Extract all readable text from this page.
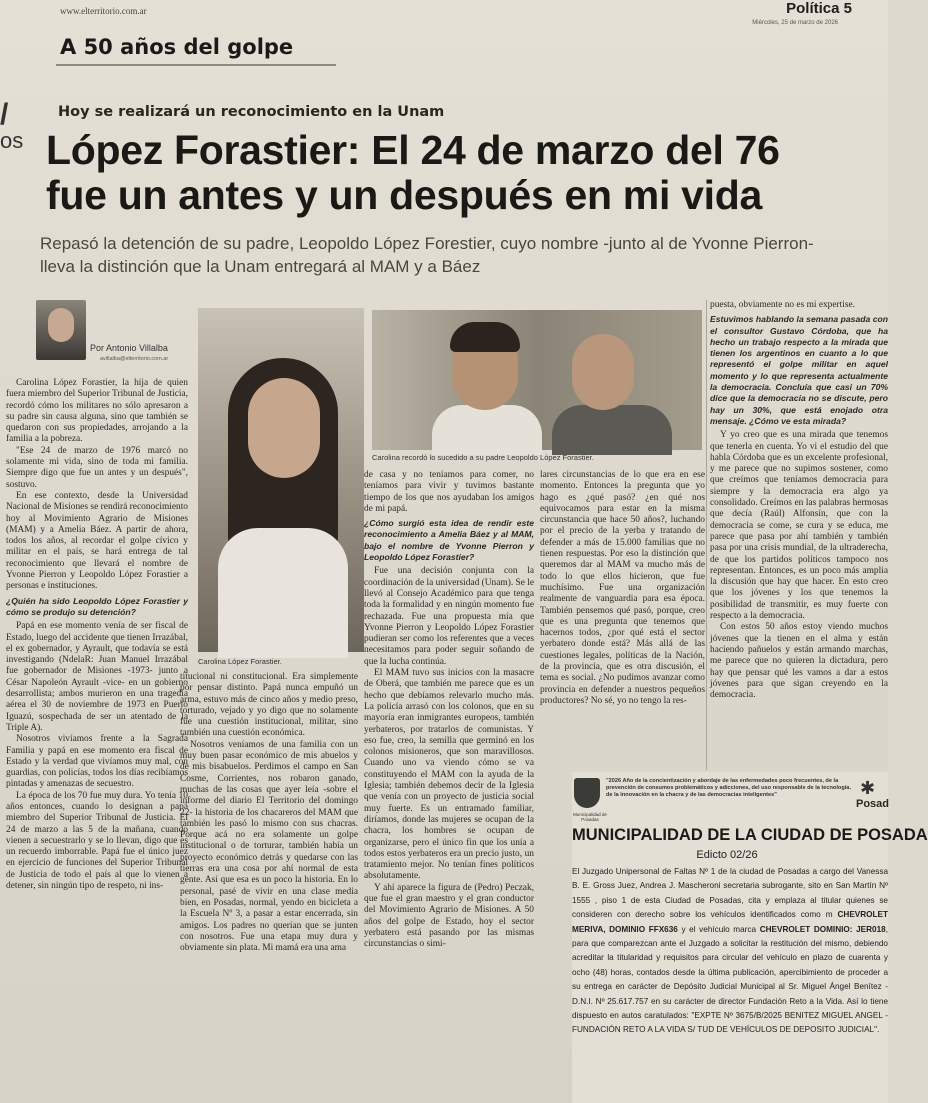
www.elterritorio.com.ar	Política 5
Miércoles, 25 de marzo de 2026
A 50 años del golpe
/
os
Hoy se realizará un reconocimiento en la Unam
López Forastier: El 24 de marzo del 76 fue un antes y un después en mi vida
Repasó la detención de su padre, Leopoldo López Forestier, cuyo nombre -junto al de Yvonne Pierron- lleva la distinción que la Unam entregará al MAM y a Báez
Por Antonio Villalba
avillalba@elterritorio.com.ar
Carolina López Forastier.
Carolina recordó lo sucedido a su padre Leopoldo López Forastier.

Carolina López Forastier, la hija de quien fuera miembro del Superior Tribunal de Justicia, recordó cómo los militares no sólo apresaron a su padre sin causa alguna, sino que también se quedaron con sus propiedades, arrojando a la familia a la pobreza.

"Ese 24 de marzo de 1976 marcó no solamente mi vida, sino de toda mi familia. Siempre digo que fue un antes y un después", sostuvo.

En ese contexto, desde la Universidad Nacional de Misiones se rendirá reconocimiento hoy al Movimiento Agrario de Misiones (MAM) y a Amelia Báez. A partir de ahora, todos los años, al recordar el golpe cívico y militar en el país, se hará entrega de tal reconocimiento que llevará el nombre de Yvonne Pierron y Leopoldo López Forastier a personas e instituciones.

¿Quién ha sido Leopoldo López Forastier y cómo se produjo su detención?

Papá en ese momento venía de ser fiscal de Estado, luego del accidente que tienen Irrazábal, el ex gobernador, y Ayrault, que todavía se está investigando (NdelaR: Juan Manuel Irrazábal fue gobernador de Misiones -1973- junto a César Napoleón Ayrault -vice- en un gobierno desarrollista; ambos murieron en una tragedia aérea el 30 de noviembre de 1973 en Puerto Iguazú, sospechada de ser un atentado de la Triple A).

Nosotros vivíamos frente a la Sagrada Familia y papá en ese momento era fiscal de Estado y la verdad que vivíamos muy mal, con guardias, con policías, todos los días recibíamos pintadas y amenazas de secuestro.

La época de los 70 fue muy dura. Yo tenía 10 años entonces, cuando lo designan a papá miembro del Superior Tribunal de Justicia. El 24 de marzo a las 5 de la mañana, cuando vienen a secuestrarlo y se lo llevan, digo que es un recuerdo imborrable. Papá fue el único juez en ejercicio de funciones del Superior Tribunal de Justicia de todo el país al que lo vienen a detener, sin ningún tipo de respeto, ni ins-

titucional ni constitucional. Era simplemente por pensar distinto. Papá nunca empuñó un arma, estuvo más de cinco años y medio preso, torturado, vejado y yo digo que no solamente fue una cuestión institucional, militar, sino también una cuestión económica.

Nosotros veníamos de una familia con un muy buen pasar económico de mis abuelos y de mis bisabuelos. Perdimos el campo en San Cosme, Corrientes, nos robaron ganado, muchas de las cosas que ayer leía -sobre el informe del diario El Territorio del domingo 22- la historia de los chacareros del MAM que también les pasó lo mismo con sus chacras. Porque acá no era solamente un golpe institucional o de torturar, también había un proyecto económico detrás y quedarse con las tierras era una cosa por ahí normal de esta gente. Así que esa es un poco la historia. En lo personal, pasé de vivir en una clase media bien, en Posadas, normal, yendo en bicicleta a la Escuela Nº 3, a pasar a estar encerrada, sin amigos. Los padres no querían que se junten con nosotros. Fue una etapa muy dura y obviamente sin plata. Mi mamá era una ama

de casa y no teníamos para comer, no teníamos para vivir y tuvimos bastante tiempo de los que nos ayudaban los amigos de mi papá.

¿Cómo surgió esta idea de rendir este reconocimiento a Amelia Báez y al MAM, bajo el nombre de Yvonne Pierron y Leopoldo López Forastier?

Fue una decisión conjunta con la coordinación de la universidad (Unam). Se le llevó al Consejo Académico para que tenga toda la formalidad y en ningún momento fue rechazada. Fue una propuesta mía que Yvonne Pierron y Leopoldo López Forastier pudieran ser como los referentes que a veces necesitamos para poder seguir soñando de que la lucha continúa.

El MAM tuvo sus inicios con la masacre de Oberá, que también me parece que es un hecho que debíamos relevarlo mucho más. La policía arrasó con los colonos, que en su mayoría eran inmigrantes europeos, también yerbateros, por tratarlos de comunistas. Y eso fue, creo, la semilla que germinó en los colonos misioneros, que son maravillosos. Cuando uno va viendo cómo se va constituyendo el MAM con la ayuda de la Iglesia; también debemos decir de la Iglesia que venía con un proyecto de justicia social muy fuerte. Es un entramado familiar, diríamos, donde las mujeres se ocupan de la chacra, los hombres se ocupan de organizarse, pero el único fin que los unía a todos estos yerbateros era un precio justo, un tratamiento mejor. No tenían fines políticos absolutamente.

Y ahí aparece la figura de (Pedro) Peczak, que fue el gran maestro y el gran conductor del Movimiento Agrario de Misiones. A 50 años del golpe de Estado, hoy el sector yerbatero está pasando por las mismas circunstancias o simi-

lares circunstancias de lo que era en ese momento. Entonces la pregunta que yo hago es ¿qué pasó? ¿en qué nos equivocamos para estar en la misma circunstancia que hace 50 años?, luchando por el precio de la yerba y tratando de defender a más de 15.000 familias que no tienen respuestas. Por eso la distinción que queremos dar al MAM va mucho más de todo lo que ellos hicieron, que fue muchísimo. Fue una organización realmente de vanguardia para esa época. También pensemos qué pasó, porque, creo que es una pregunta que tenemos que hacernos todos, ¿por qué está el sector yerbatero donde está? Más allá de las cuestiones legales, políticas de la Nación, de la provincia, que es otra discusión, el tema es social. ¿No pudimos avanzar como provincia en defender a nuestros pequeños productores? No sé, yo no tengo la res-

puesta, obviamente no es mi expertise.

Estuvimos hablando la semana pasada con el consultor Gustavo Córdoba, que ha hecho un trabajo respecto a la mirada que tienen los argentinos en cuanto a lo que representó el golpe militar en aquel momento y lo que representa actualmente la democracia. Concluía que casi un 70% dice que la democracia no se discute, pero hay un 30%, que está enojado otra mensaje. ¿Cómo ve esta mirada?

Y yo creo que es una mirada que tenemos que tenerla en cuenta. Yo vi el estudio del que habla Córdoba que es un excelente profesional, y me parece que no supimos sostener, como que creímos que teníamos democracia para siempre y la democracia era algo ya consolidado. Creímos en las palabras hermosas que decía (Raúl) Alfonsín, que con la democracia se come, se cura y se educa, me parece que pasa por ahí también y también pasa por una crisis mundial, de la ultraderecha, de que los partidos políticos tampoco nos representan. Entonces, es un poco más amplia la discusión que hay que hacer. En esto creo que los jóvenes y los que tenemos la posibilidad de transmitir, es muy fuerte con respecto a la democracia.

Con estos 50 años estoy viendo muchos jóvenes que la tienen en el alma y están haciendo pañuelos y están armando marchas, me parece que no quieren la dictadura, pero hay que pensar qué les vamos a dar a estos jóvenes para que sigan creyendo en la democracia.

Municipalidad de Posadas
"2026 Año de la concientización y abordaje de las enfermedades poco frecuentes, de la prevención de consumos problemáticos y adicciones, del uso responsable de la tecnología, de la innovación en la chacra y de las democracias inteligentes"	✱
Posad
MUNICIPALIDAD DE LA CIUDAD DE POSADA
Edicto 02/26
El Juzgado Unipersonal de Faltas Nº 1 de la ciudad de Posadas a cargo del Vanessa B. E. Gross Juez, Andrea J. Mascheroni secretaria subrogante, sito en San Martín Nº 1555 , piso 1 de esta Ciudad de Posadas, cita y emplaza al titular quienes se consideren con derecho sobre los vehículos identificados como m CHEVROLET MERIVA, DOMINIO FFX636 y el vehículo marca CHEVROLET DOMINIO: JER018, para que comparezcan ante el Juzgado a solicitar la restitución del mismo, debiendo acreditar la titularidad y requisitos para circular del vehículo en plazo de cuarenta y ocho (48) horas, contados desde la última publicación, apercibimiento de proceder a su entrega en carácter de Depósito Judicial Municipal al Sr. Miguel Ángel Benítez - D.N.I. Nº 25.617.757 en su carácter de director Fundación Reto a la Vida. Así lo tiene dispuesto en autos caratulados: "EXPTE Nº 3675/B/2025 BENITEZ MIGUEL ANGEL - FUNDACIÓN RETO A LA VIDA S/ TUD DE VEHÍCULOS DE DEPOSITO JUDICIAL".
